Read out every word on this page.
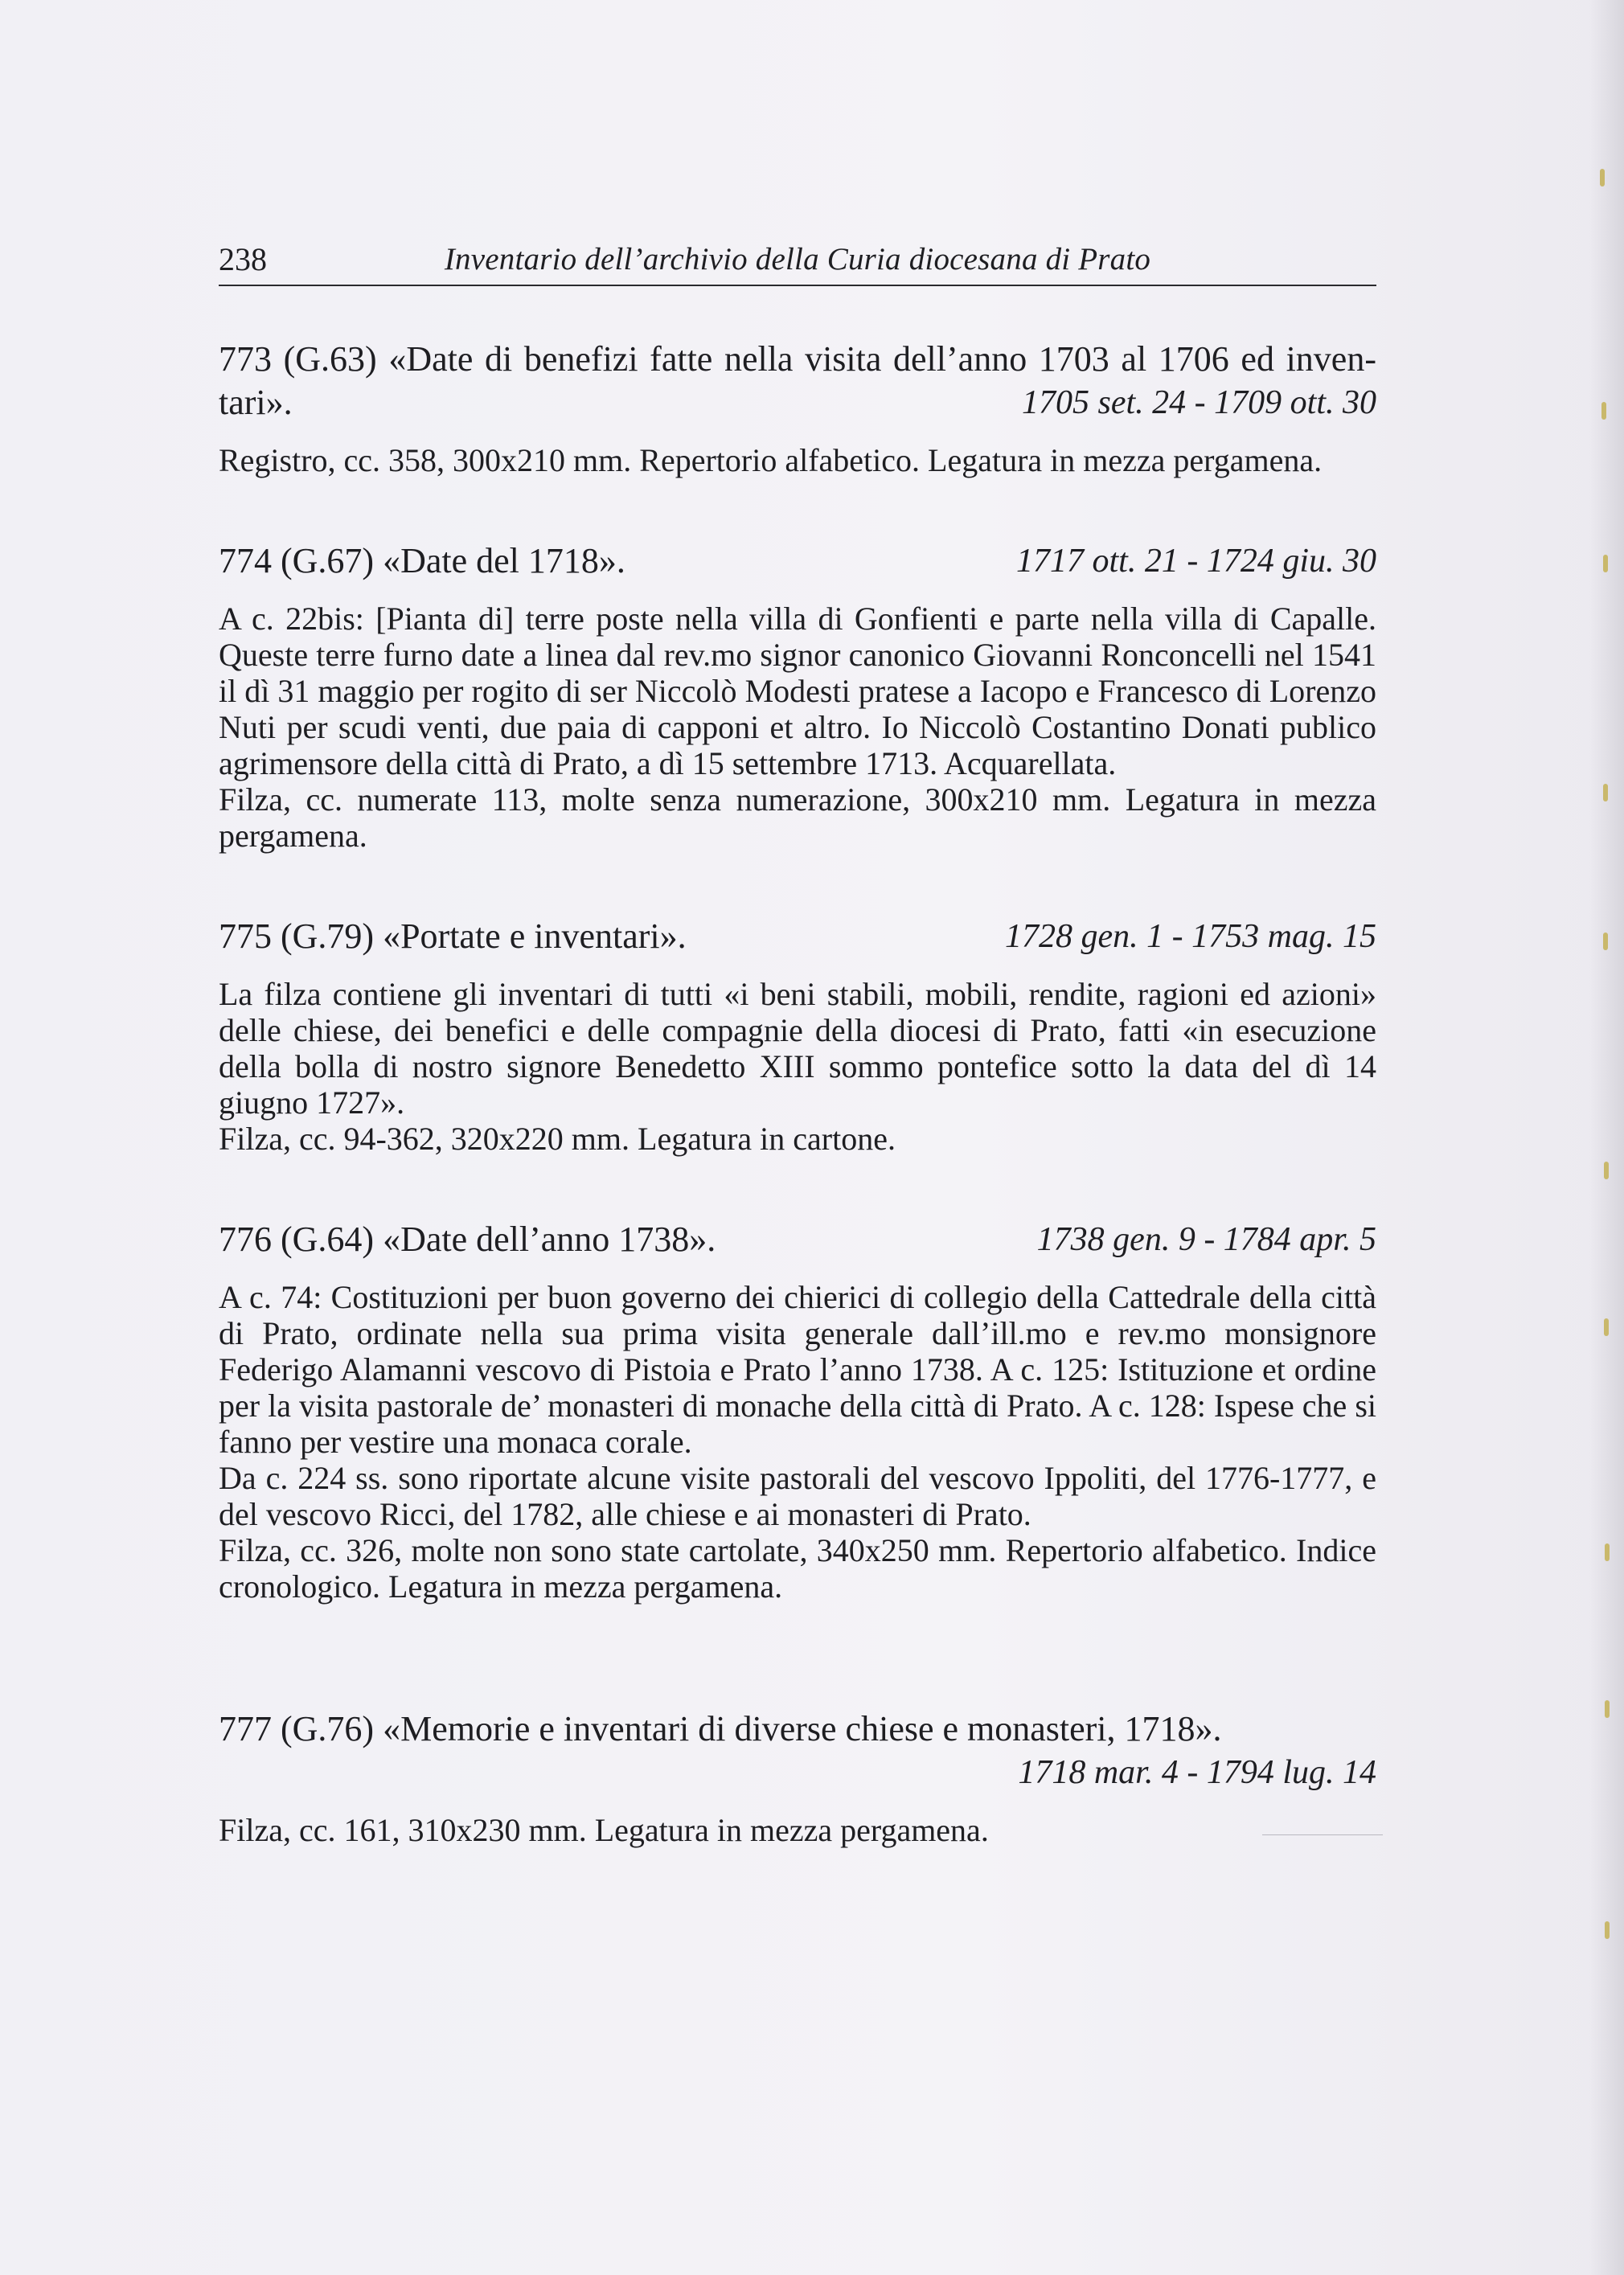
238	Inventario dell’archivio della Curia diocesana di Prato

773 (G.63) «Date di benefizi fatte nella visita dell’anno 1703 al 1706 ed inventari».	1705 set. 24 - 1709 ott. 30

Registro, cc. 358, 300x210 mm. Repertorio alfabetico. Legatura in mezza pergamena.

774 (G.67) «Date del 1718».	1717 ott. 21 - 1724 giu. 30

A c. 22bis: [Pianta di] terre poste nella villa di Gonfienti e parte nella villa di Capalle. Queste terre furno date a linea dal rev.mo signor canonico Giovanni Ronconcelli nel 1541 il dì 31 maggio per rogito di ser Niccolò Modesti pratese a Iacopo e Francesco di Lorenzo Nuti per scudi venti, due paia di capponi et altro. Io Niccolò Costantino Donati publico agrimensore della città di Prato, a dì 15 settembre 1713. Acquarellata.

Filza, cc. numerate 113, molte senza numerazione, 300x210 mm. Legatura in mezza pergamena.

775 (G.79) «Portate e inventari».	1728 gen. 1 - 1753 mag. 15

La filza contiene gli inventari di tutti «i beni stabili, mobili, rendite, ragioni ed azioni» delle chiese, dei benefici e delle compagnie della diocesi di Prato, fatti «in esecuzione della bolla di nostro signore Benedetto XIII sommo pontefice sotto la data del dì 14 giugno 1727».

Filza, cc. 94-362, 320x220 mm. Legatura in cartone.

776 (G.64) «Date dell’anno 1738».	1738 gen. 9 - 1784 apr. 5

A c. 74: Costituzioni per buon governo dei chierici di collegio della Cattedrale della città di Prato, ordinate nella sua prima visita generale dall’ill.mo e rev.mo monsignore Federigo Alamanni vescovo di Pistoia e Prato l’anno 1738. A c. 125: Istituzione et ordine per la visita pastorale de’ monasteri di monache della città di Prato. A c. 128: Ispese che si fanno per vestire una monaca corale.

Da c. 224 ss. sono riportate alcune visite pastorali del vescovo Ippoliti, del 1776-1777, e del vescovo Ricci, del 1782, alle chiese e ai monasteri di Prato.

Filza, cc. 326, molte non sono state cartolate, 340x250 mm. Repertorio alfabetico. Indice cronologico. Legatura in mezza pergamena.

777 (G.76) «Memorie e inventari di diverse chiese e monasteri, 1718».
1718 mar. 4 - 1794 lug. 14

Filza, cc. 161, 310x230 mm. Legatura in mezza pergamena.
